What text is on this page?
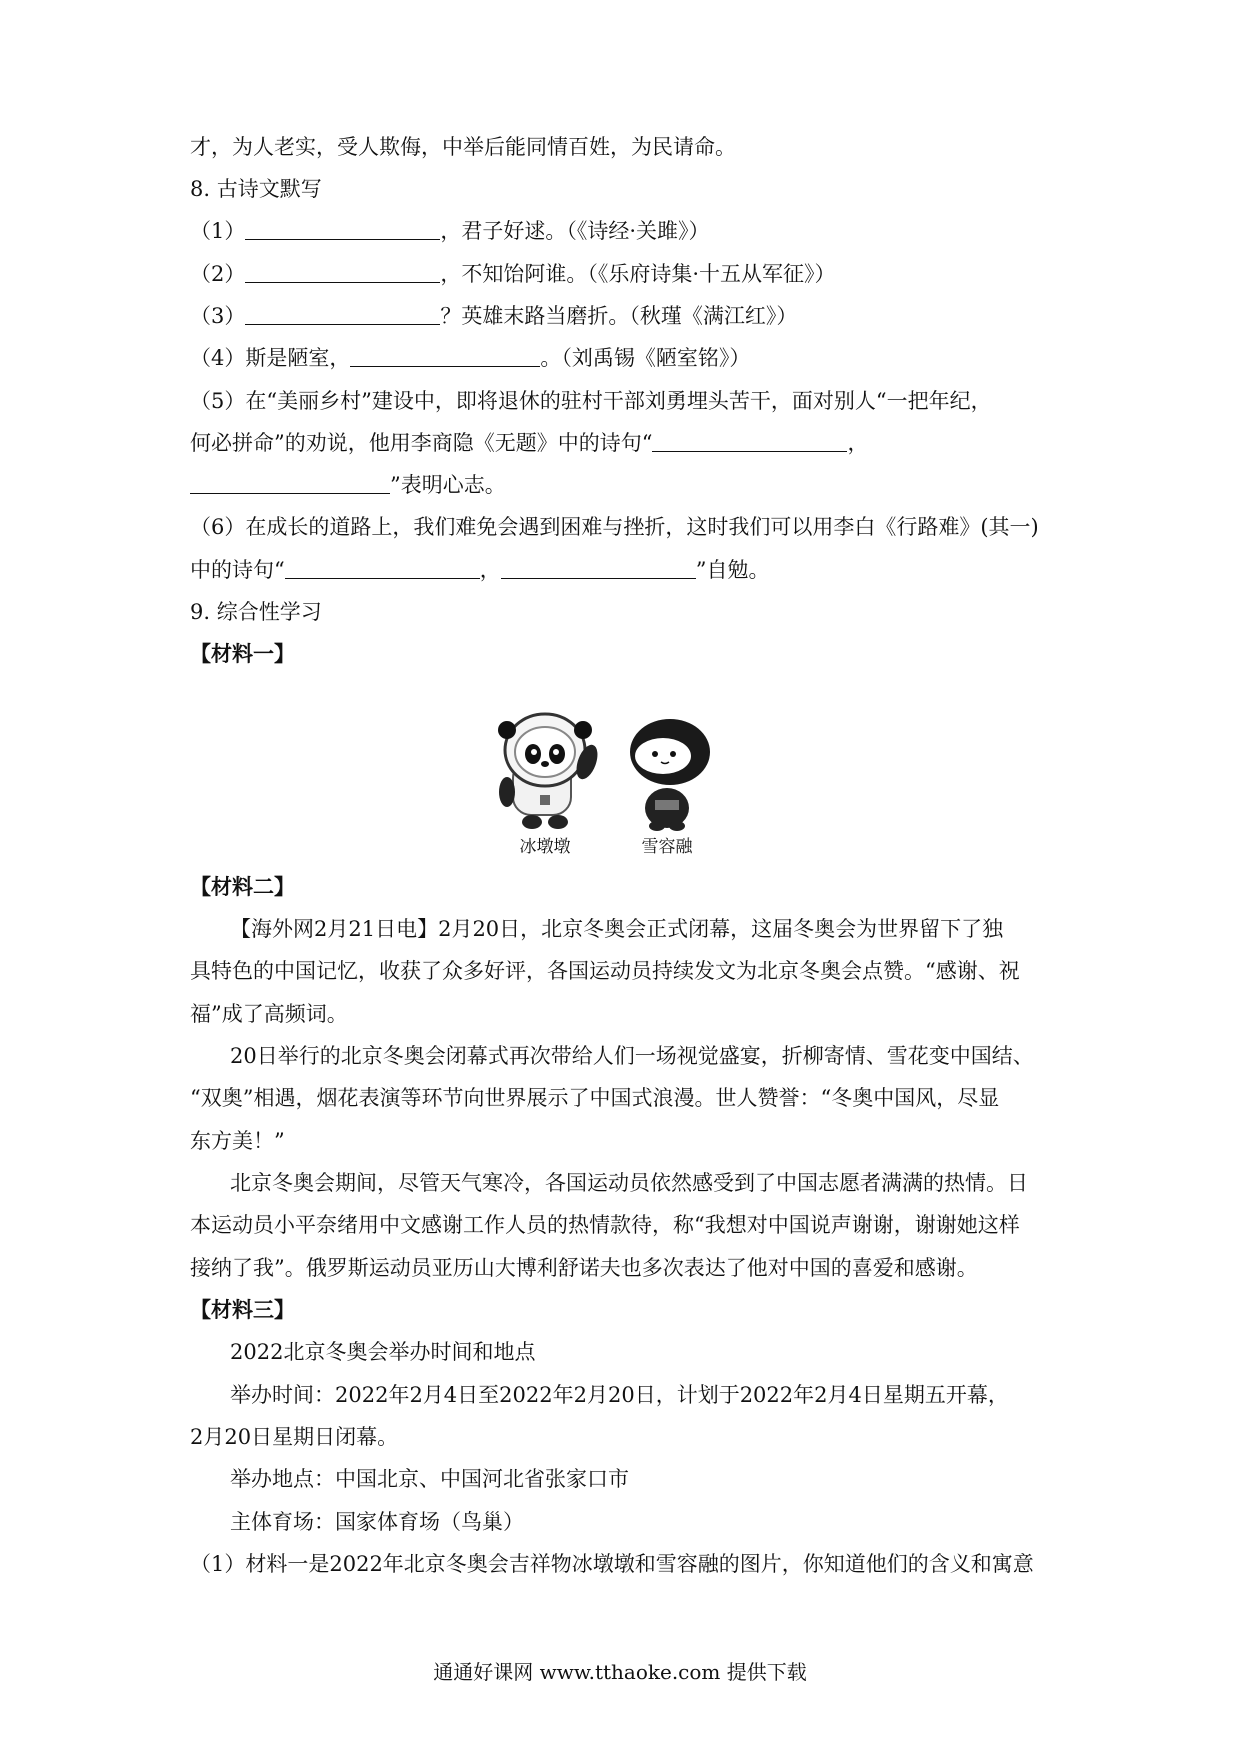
才，为人老实，受人欺侮，中举后能同情百姓，为民请命。
8. 古诗文默写
（1）	，君子好逑。（《诗经·关雎》）
（2）	，不知饴阿谁。（《乐府诗集·十五从军征》）
（3）	？英雄末路当磨折。（秋瑾《满江红》）
（4）斯是陋室，	。（刘禹锡《陋室铭》）
（5）在“美丽乡村”建设中，即将退休的驻村干部刘勇埋头苦干，面对别人“一把年纪，
何必拼命”的劝说，他用李商隐《无题》中的诗句“	，
”表明心志。
（6）在成长的道路上，我们难免会遇到困难与挫折，这时我们可以用李白《行路难》(其一)
中的诗句“	，	”自勉。
9. 综合性学习
【材料一】
冰墩墩	雪容融
【材料二】
【海外网2月21日电】2月20日，北京冬奥会正式闭幕，这届冬奥会为世界留下了独
具特色的中国记忆，收获了众多好评，各国运动员持续发文为北京冬奥会点赞。“感谢、祝
福”成了高频词。
20日举行的北京冬奥会闭幕式再次带给人们一场视觉盛宴，折柳寄情、雪花变中国结、
“双奥”相遇，烟花表演等环节向世界展示了中国式浪漫。世人赞誉：“冬奥中国风，尽显
东方美！”
北京冬奥会期间，尽管天气寒冷，各国运动员依然感受到了中国志愿者满满的热情。日
本运动员小平奈绪用中文感谢工作人员的热情款待，称“我想对中国说声谢谢，谢谢她这样
接纳了我”。俄罗斯运动员亚历山大博利舒诺夫也多次表达了他对中国的喜爱和感谢。
【材料三】
2022北京冬奥会举办时间和地点
举办时间：2022年2月4日至2022年2月20日，计划于2022年2月4日星期五开幕，
2月20日星期日闭幕。
举办地点：中国北京、中国河北省张家口市
主体育场：国家体育场（鸟巢）
（1）材料一是2022年北京冬奥会吉祥物冰墩墩和雪容融的图片，你知道他们的含义和寓意
通通好课网 www.tthaoke.com 提供下载
